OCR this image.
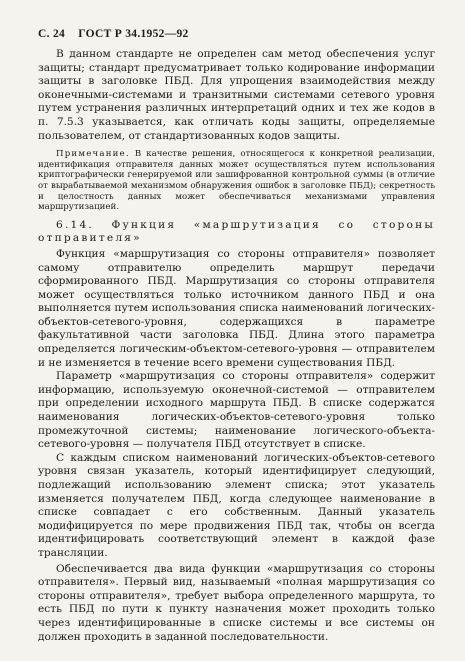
С. 24 ГОСТ Р 34.1952—92

В данном стандарте не определен сам метод обеспечения услуг защиты; стандарт предусматривает только кодирование информации защиты в заголовке ПБД. Для упрощения взаимодействия между оконечными-системами и транзитными системами сетевого уровня путем устранения различных интерпретаций одних и тех же кодов в п. 7.5.3 указывается, как отличать коды защиты, определяемые пользователем, от стандартизованных кодов защиты.

Примечание. В качестве решения, относящегося к конкретной реализации, идентификация отправителя данных может осуществляться путем использования криптографически генерируемой или зашифрованной контрольной суммы (в отличие от вырабатываемой механизмом обнаружения ошибок в заголовке ПБД); секретность и целостность данных может обеспечиваться механизмами управления маршрутизацией.

6.14. Функция «маршрутизация со стороны отправителя»

Функция «маршрутизация со стороны отправителя» позволяет самому отправителю определить маршрут передачи сформированного ПБД. Маршрутизация со стороны отправителя может осуществляться только источником данного ПБД и она выполняется путем использования списка наименований логических-объектов-сетевого-уровня, содержащихся в параметре факультативной части заголовка ПБД. Длина этого параметра определяется логическим-объектом-сетевого-уровня — отправителем и не изменяется в течение всего времени существования ПБД.

Параметр «маршрутизация со стороны отправителя» содержит информацию, используемую оконечной-системой — отправителем при определении исходного маршрута ПБД. В списке содержатся наименования логических-объектов-сетевого-уровня только промежуточной системы; наименование логического-объекта-сетевого-уровня — получателя ПБД отсутствует в списке.

С каждым списком наименований логических-объектов-сетевого уровня связан указатель, который идентифицирует следующий, подлежащий использованию элемент списка; этот указатель изменяется получателем ПБД, когда следующее наименование в списке совпадает с его собственным. Данный указатель модифицируется по мере продвижения ПБД так, чтобы он всегда идентифицировать соответствующий элемент в каждой фазе трансляции.

Обеспечивается два вида функции «маршрутизация со стороны отправителя». Первый вид, называемый «полная маршрутизация со стороны отправителя», требует выбора определенного маршрута, то есть ПБД по пути к пункту назначения может проходить только через идентифицированные в списке системы и все системы он должен проходить в заданной последовательности.
